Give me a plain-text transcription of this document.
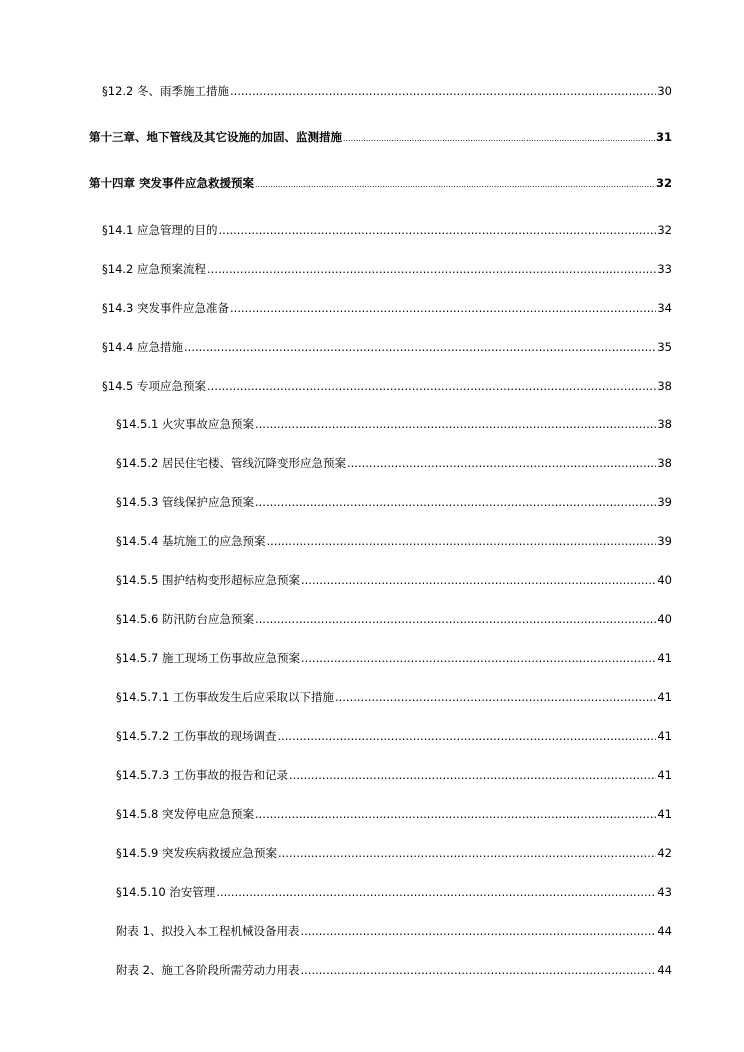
§12.2 冬、雨季施工措施 .....	30
第十三章、地下管线及其它设施的加固、监测措施 .....	31
第十四章 突发事件应急救援预案 .....	32
§14.1 应急管理的目的 .....	32
§14.2 应急预案流程 .....	33
§14.3 突发事件应急准备 .....	34
§14.4 应急措施 .....	35
§14.5 专项应急预案 .....	38
§14.5.1 火灾事故应急预案 .....	38
§14.5.2 居民住宅楼、管线沉降变形应急预案 .....	38
§14.5.3 管线保护应急预案 .....	39
§14.5.4 基坑施工的应急预案 .....	39
§14.5.5 围护结构变形超标应急预案 .....	40
§14.5.6 防汛防台应急预案 .....	40
§14.5.7 施工现场工伤事故应急预案 .....	41
§14.5.7.1 工伤事故发生后应采取以下措施 .....	41
§14.5.7.2 工伤事故的现场调查 .....	41
§14.5.7.3 工伤事故的报告和记录 .....	41
§14.5.8 突发停电应急预案 .....	41
§14.5.9 突发疾病救援应急预案 .....	42
§14.5.10 治安管理 .....	43
附表 1、拟投入本工程机械设备用表 .....	44
附表 2、施工各阶段所需劳动力用表 .....	44
